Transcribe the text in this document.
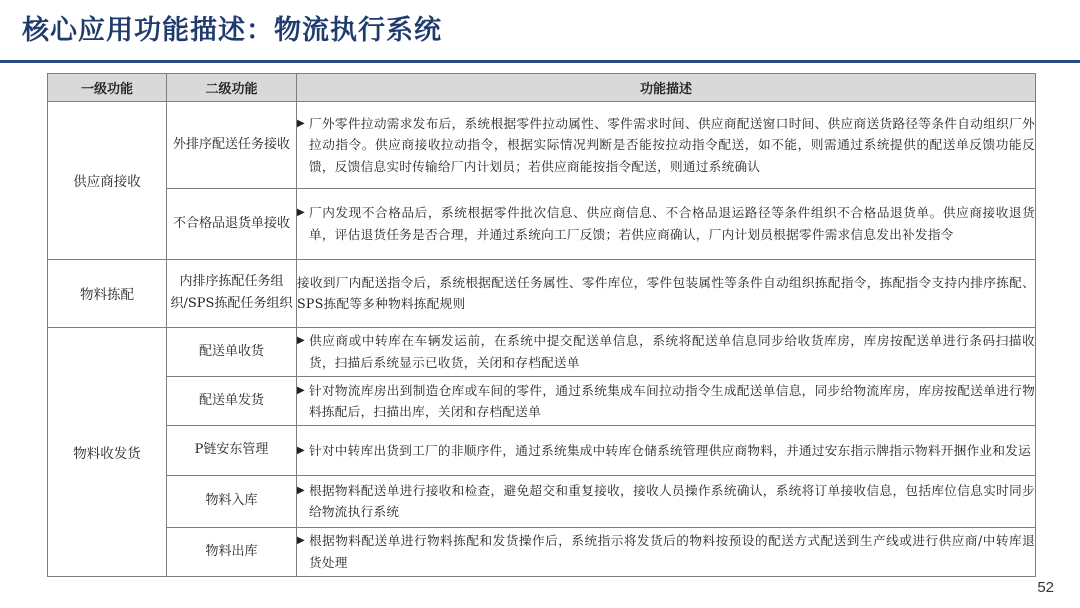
核心应用功能描述：物流执行系统
一级功能	二级功能	功能描述
供应商接收	外排序配送任务接收	▶ 厂外零件拉动需求发布后，系统根据零件拉动属性、零件需求时间、供应商配送窗口时间、供应商送货路径等条件自动组织厂外拉动指令。供应商接收拉动指令，根据实际情况判断是否能按拉动指令配送，如不能，则需通过系统提供的配送单反馈功能反馈，反馈信息实时传输给厂内计划员；若供应商能按指令配送，则通过系统确认

	不合格品退货单接收	▶ 厂内发现不合格品后，系统根据零件批次信息、供应商信息、不合格品退运路径等条件组织不合格品退货单。供应商接收退货单，评估退货任务是否合理，并通过系统向工厂反馈；若供应商确认，厂内计划员根据零件需求信息发出补发指令

物料拣配	内排序拣配任务组织/SPS拣配任务组织	接收到厂内配送指令后，系统根据配送任务属性、零件库位，零件包装属性等条件自动组织拣配指令，拣配指令支持内排序拣配、SPS拣配等多种物料拣配规则

物料收发货	配送单收货	▶ 供应商或中转库在车辆发运前，在系统中提交配送单信息，系统将配送单信息同步给收货库房，库房按配送单进行条码扫描收货，扫描后系统显示已收货，关闭和存档配送单

	配送单发货	▶ 针对物流库房出到制造仓库或车间的零件，通过系统集成车间拉动指令生成配送单信息，同步给物流库房，库房按配送单进行物料拣配后，扫描出库，关闭和存档配送单

	P链安东管理	▶ 针对中转库出货到工厂的非顺序件，通过系统集成中转库仓储系统管理供应商物料，并通过安东指示牌指示物料开捆作业和发运

	物料入库	▶ 根据物料配送单进行接收和检查，避免超交和重复接收，接收人员操作系统确认，系统将订单接收信息，包括库位信息实时同步给物流执行系统

	物料出库	▶ 根据物料配送单进行物料拣配和发货操作后，系统指示将发货后的物料按预设的配送方式配送到生产线或进行供应商/中转库退货处理
52
